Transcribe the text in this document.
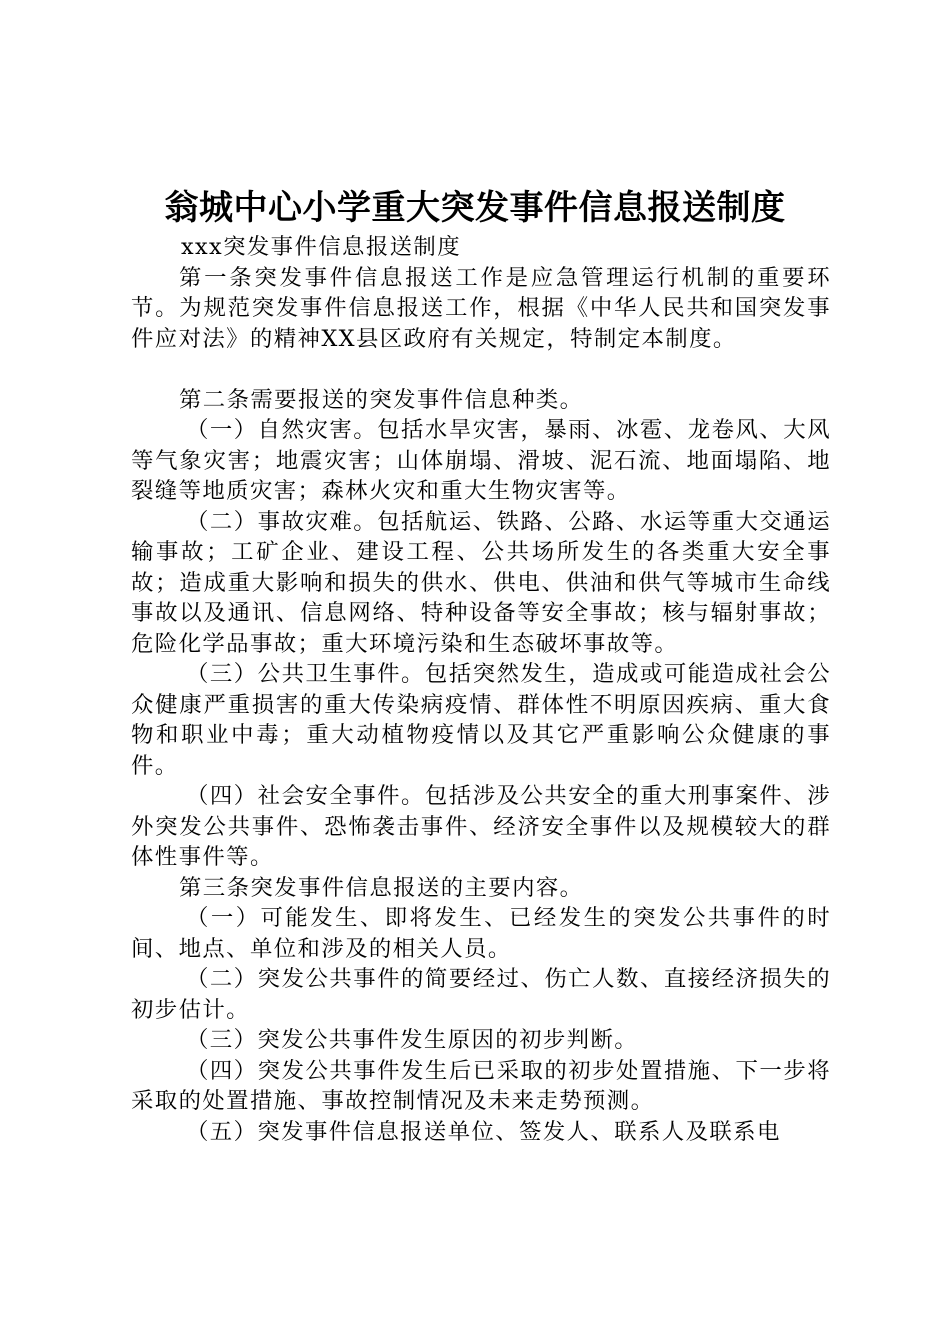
翁城中心小学重大突发事件信息报送制度

xxx突发事件信息报送制度

第一条突发事件信息报送工作是应急管理运行机制的重要环节。为规范突发事件信息报送工作，根据《中华人民共和国突发事件应对法》的精神XX县区政府有关规定，特制定本制度。

第二条需要报送的突发事件信息种类。

（一）自然灾害。包括水旱灾害，暴雨、冰雹、龙卷风、大风等气象灾害；地震灾害；山体崩塌、滑坡、泥石流、地面塌陷、地裂缝等地质灾害；森林火灾和重大生物灾害等。

（二）事故灾难。包括航运、铁路、公路、水运等重大交通运输事故；工矿企业、建设工程、公共场所发生的各类重大安全事故；造成重大影响和损失的供水、供电、供油和供气等城市生命线事故以及通讯、信息网络、特种设备等安全事故；核与辐射事故；危险化学品事故；重大环境污染和生态破坏事故等。

（三）公共卫生事件。包括突然发生，造成或可能造成社会公众健康严重损害的重大传染病疫情、群体性不明原因疾病、重大食物和职业中毒；重大动植物疫情以及其它严重影响公众健康的事件。

（四）社会安全事件。包括涉及公共安全的重大刑事案件、涉外突发公共事件、恐怖袭击事件、经济安全事件以及规模较大的群体性事件等。

第三条突发事件信息报送的主要内容。

（一）可能发生、即将发生、已经发生的突发公共事件的时间、地点、单位和涉及的相关人员。

（二）突发公共事件的简要经过、伤亡人数、直接经济损失的初步估计。

（三）突发公共事件发生原因的初步判断。

（四）突发公共事件发生后已采取的初步处置措施、下一步将采取的处置措施、事故控制情况及未来走势预测。

（五）突发事件信息报送单位、签发人、联系人及联系电
